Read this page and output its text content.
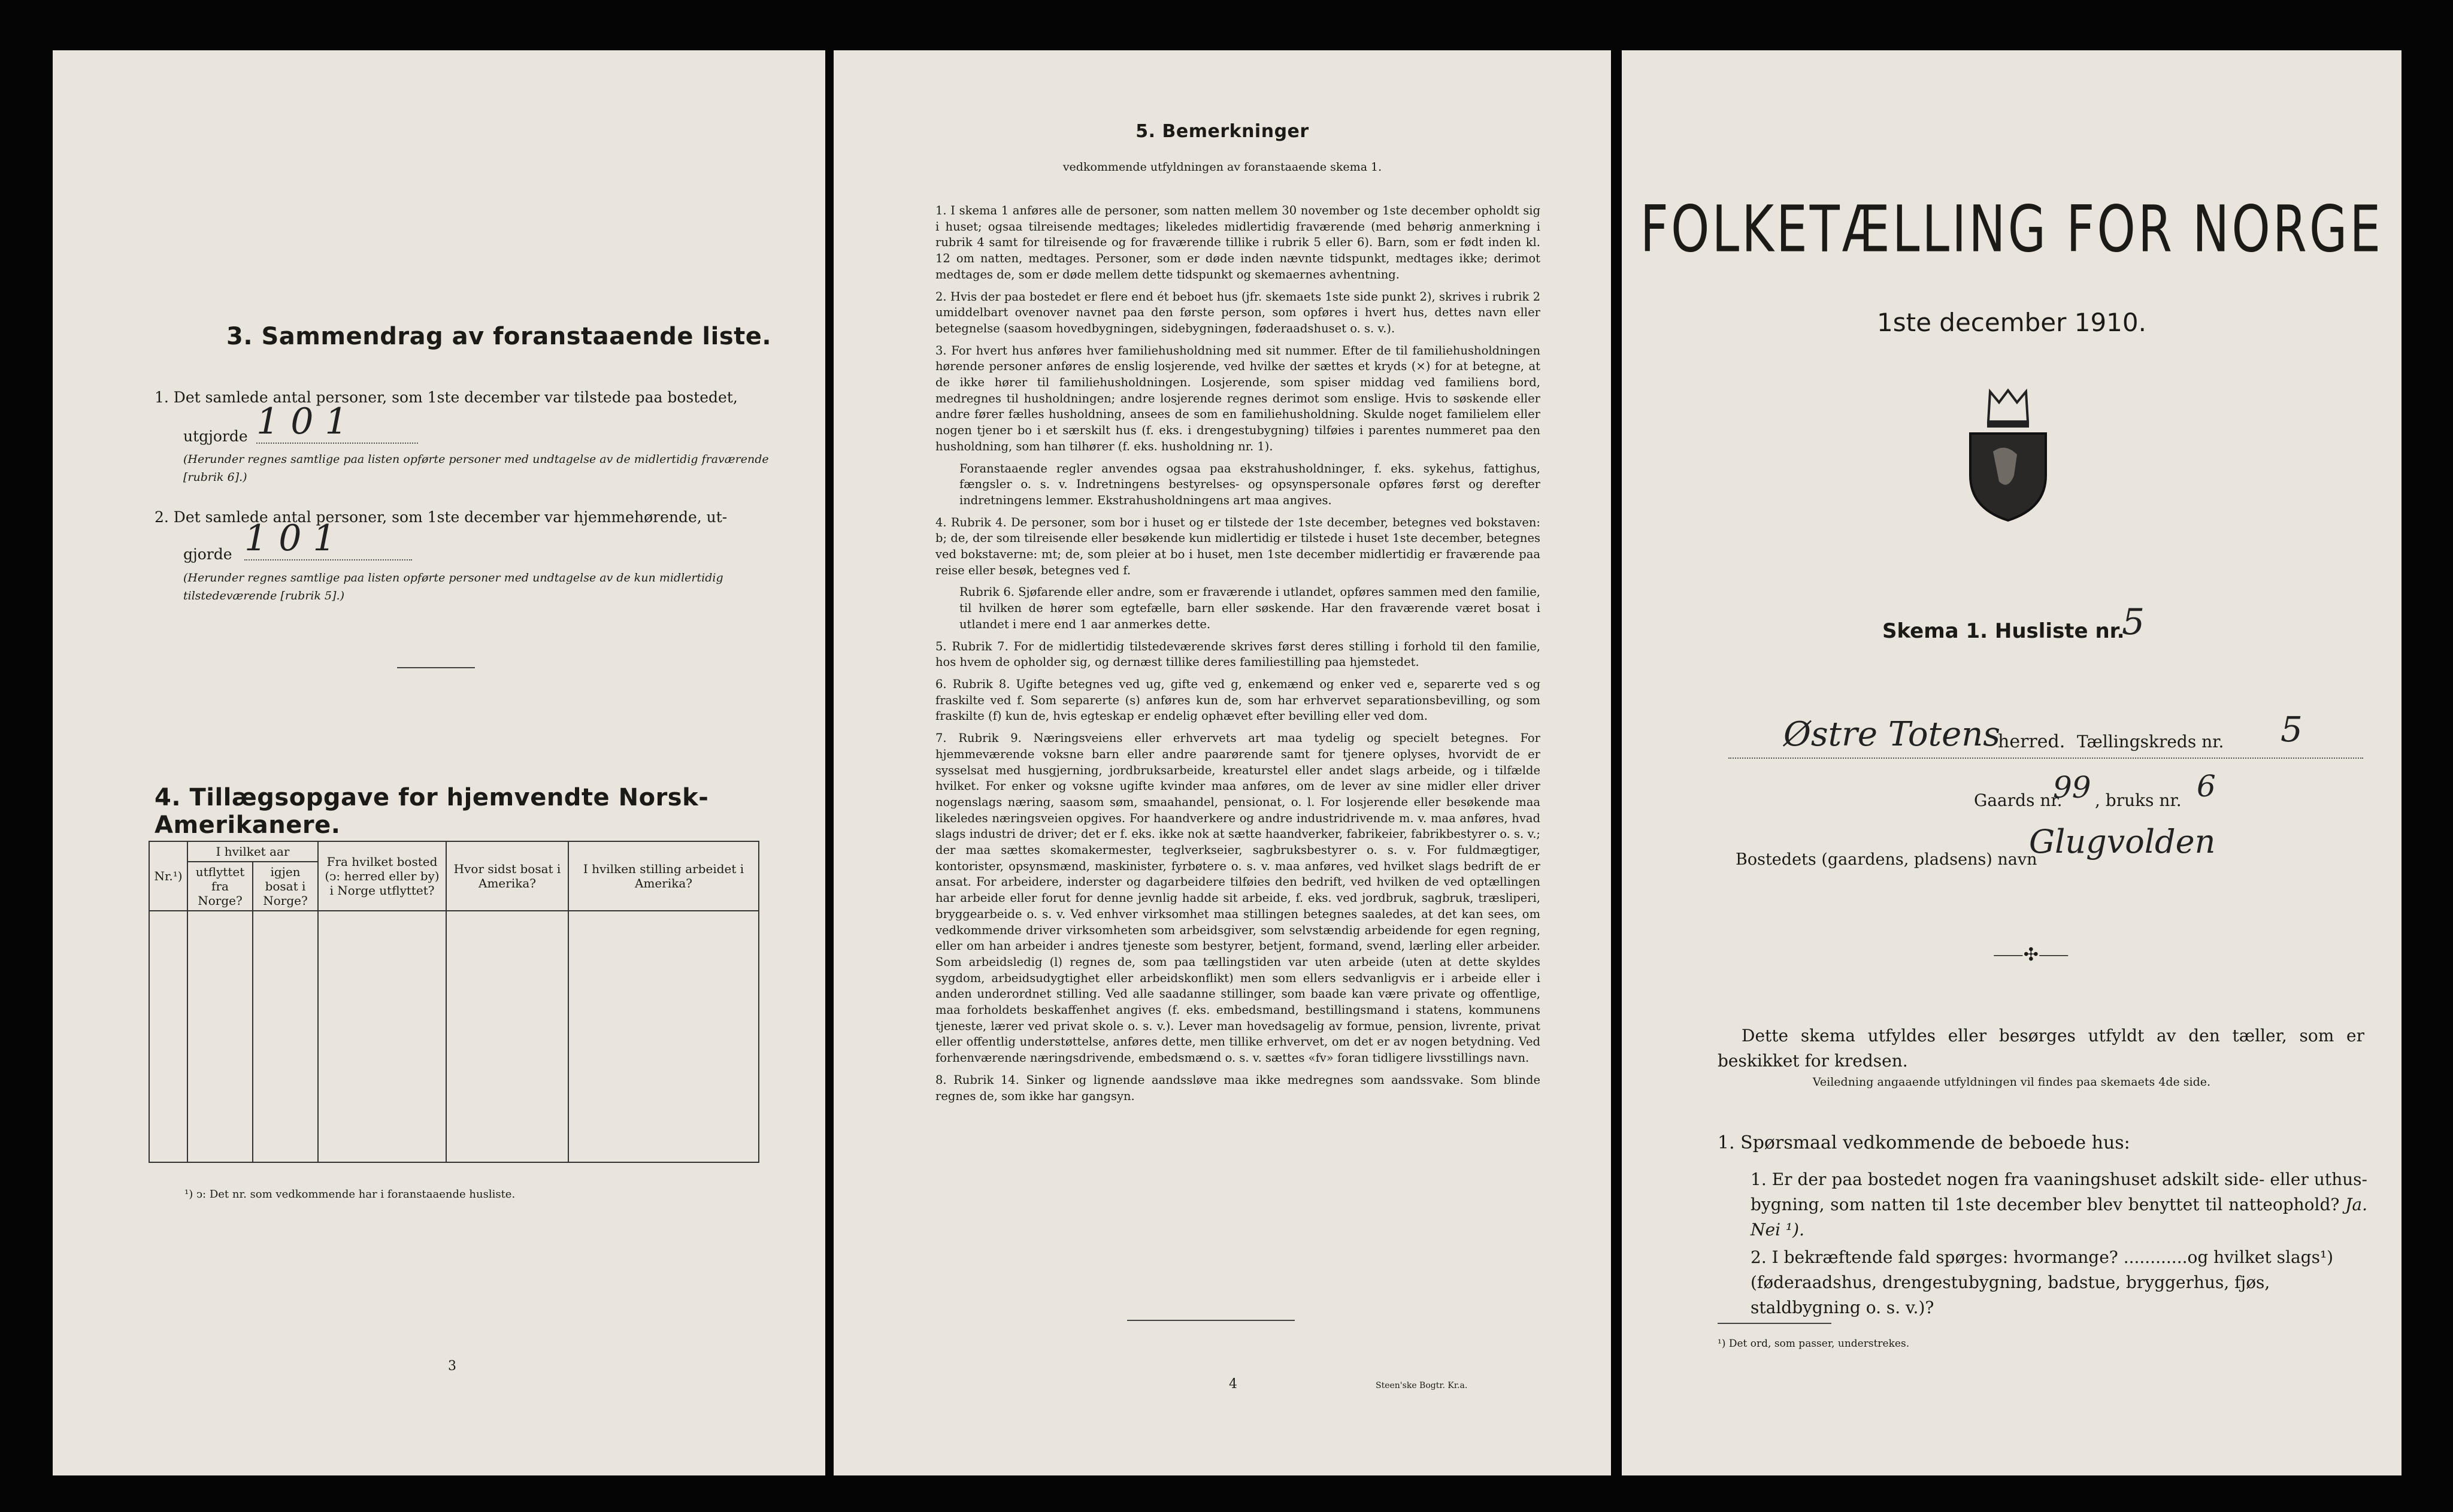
3. Sammendrag av foranstaaende liste.
1. Det samlede antal personer, som 1ste december var tilstede paa bostedet,
utgjorde 1 0 1
(Herunder regnes samtlige paa listen opførte personer med undtagelse av de midlertidig fraværende [rubrik 6].)
2. Det samlede antal personer, som 1ste december var hjemmehørende, ut-
gjorde 1 0 1
(Herunder regnes samtlige paa listen opførte personer med undtagelse av de kun midlertidig tilstedeværende [rubrik 5].)
4. Tillægsopgave for hjemvendte Norsk-Amerikanere.
Nr.¹)	I hvilket aar		Fra hvilket bosted (ↄ: herred eller by) i Norge utflyttet?	Hvor sidst bosat i Amerika?	I hvilken stilling arbeidet i Amerika?
	utflyttet fra Norge?	igjen bosat i Norge?			

¹) ↄ: Det nr. som vedkommende har i foranstaaende husliste.
3
5. Bemerkninger
vedkommende utfyldningen av foranstaaende skema 1.

1. I skema 1 anføres alle de personer, som natten mellem 30 november og 1ste december opholdt sig i huset; ogsaa tilreisende medtages; likeledes midlertidig fraværende (med behørig anmerkning i rubrik 4 samt for tilreisende og for fraværende tillike i rubrik 5 eller 6). Barn, som er født inden kl. 12 om natten, medtages. Personer, som er døde inden nævnte tidspunkt, medtages ikke; derimot medtages de, som er døde mellem dette tidspunkt og skemaernes avhentning.

2. Hvis der paa bostedet er flere end ét beboet hus (jfr. skemaets 1ste side punkt 2), skrives i rubrik 2 umiddelbart ovenover navnet paa den første person, som opføres i hvert hus, dettes navn eller betegnelse (saasom hovedbygningen, sidebygningen, føderaadshuset o. s. v.).

3. For hvert hus anføres hver familiehusholdning med sit nummer. Efter de til familiehusholdningen hørende personer anføres de enslig losjerende, ved hvilke der sættes et kryds (×) for at betegne, at de ikke hører til familiehusholdningen. Losjerende, som spiser middag ved familiens bord, medregnes til husholdningen; andre losjerende regnes derimot som enslige. Hvis to søskende eller andre fører fælles husholdning, ansees de som en familiehusholdning. Skulde noget familielem eller nogen tjener bo i et særskilt hus (f. eks. i drengestubygning) tilføies i parentes nummeret paa den husholdning, som han tilhører (f. eks. husholdning nr. 1).

Foranstaaende regler anvendes ogsaa paa ekstrahusholdninger, f. eks. sykehus, fattighus, fængsler o. s. v. Indretningens bestyrelses- og opsynspersonale opføres først og derefter indretningens lemmer. Ekstrahusholdningens art maa angives.

4. Rubrik 4. De personer, som bor i huset og er tilstede der 1ste december, betegnes ved bokstaven: b; de, der som tilreisende eller besøkende kun midlertidig er tilstede i huset 1ste december, betegnes ved bokstaverne: mt; de, som pleier at bo i huset, men 1ste december midlertidig er fraværende paa reise eller besøk, betegnes ved f.

Rubrik 6. Sjøfarende eller andre, som er fraværende i utlandet, opføres sammen med den familie, til hvilken de hører som egtefælle, barn eller søskende. Har den fraværende været bosat i utlandet i mere end 1 aar anmerkes dette.

5. Rubrik 7. For de midlertidig tilstedeværende skrives først deres stilling i forhold til den familie, hos hvem de opholder sig, og dernæst tillike deres familiestilling paa hjemstedet.

6. Rubrik 8. Ugifte betegnes ved ug, gifte ved g, enkemænd og enker ved e, separerte ved s og fraskilte ved f. Som separerte (s) anføres kun de, som har erhvervet separationsbevilling, og som fraskilte (f) kun de, hvis egteskap er endelig ophævet efter bevilling eller ved dom.

7. Rubrik 9. Næringsveiens eller erhvervets art maa tydelig og specielt betegnes. For hjemmeværende voksne barn eller andre paarørende samt for tjenere oplyses, hvorvidt de er sysselsat med husgjerning, jordbruksarbeide, kreaturstel eller andet slags arbeide, og i tilfælde hvilket. For enker og voksne ugifte kvinder maa anføres, om de lever av sine midler eller driver nogenslags næring, saasom søm, smaahandel, pensionat, o. l. For losjerende eller besøkende maa likeledes næringsveien opgives. For haandverkere og andre industridrivende m. v. maa anføres, hvad slags industri de driver; det er f. eks. ikke nok at sætte haandverker, fabrikeier, fabrikbestyrer o. s. v.; der maa sættes skomakermester, teglverkseier, sagbruksbestyrer o. s. v. For fuldmægtiger, kontorister, opsynsmænd, maskinister, fyrbøtere o. s. v. maa anføres, ved hvilket slags bedrift de er ansat. For arbeidere, inderster og dagarbeidere tilføies den bedrift, ved hvilken de ved optællingen har arbeide eller forut for denne jevnlig hadde sit arbeide, f. eks. ved jordbruk, sagbruk, træsliperi, bryggearbeide o. s. v. Ved enhver virksomhet maa stillingen betegnes saaledes, at det kan sees, om vedkommende driver virksomheten som arbeidsgiver, som selvstændig arbeidende for egen regning, eller om han arbeider i andres tjeneste som bestyrer, betjent, formand, svend, lærling eller arbeider. Som arbeidsledig (l) regnes de, som paa tællingstiden var uten arbeide (uten at dette skyldes sygdom, arbeidsudygtighet eller arbeidskonflikt) men som ellers sedvanligvis er i arbeide eller i anden underordnet stilling. Ved alle saadanne stillinger, som baade kan være private og offentlige, maa forholdets beskaffenhet angives (f. eks. embedsmand, bestillingsmand i statens, kommunens tjeneste, lærer ved privat skole o. s. v.). Lever man hovedsagelig av formue, pension, livrente, privat eller offentlig understøttelse, anføres dette, men tillike erhvervet, om det er av nogen betydning. Ved forhenværende næringsdrivende, embedsmænd o. s. v. sættes «fv» foran tidligere livsstillings navn.

8. Rubrik 14. Sinker og lignende aandssløve maa ikke medregnes som aandssvake. Som blinde regnes de, som ikke har gangsyn.

4	Steen'ske Bogtr. Kr.a.
FOLKETÆLLING FOR NORGE
1ste december 1910.
Skema 1. Husliste nr.
5
Østre Totens
herred. Tællingskreds nr. 5
Gaards nr.
99 , bruks nr. 6
Bostedets (gaardens, pladsens) navn
Glugvolden
⸺✣⸺
Dette skema utfyldes eller besørges utfyldt av den tæller, som er beskikket for kredsen.
Veiledning angaaende utfyldningen vil findes paa skemaets 4de side.
1. Spørsmaal vedkommende de beboede hus:
1. Er der paa bostedet nogen fra vaaningshuset adskilt side- eller uthus-bygning, som natten til 1ste december blev benyttet til natteophold? Ja. Nei ¹).
2. I bekræftende fald spørges: hvormange? ............og hvilket slags¹) (føderaadshus, drengestubygning, badstue, bryggerhus, fjøs, staldbygning o. s. v.)?
¹) Det ord, som passer, understrekes.
